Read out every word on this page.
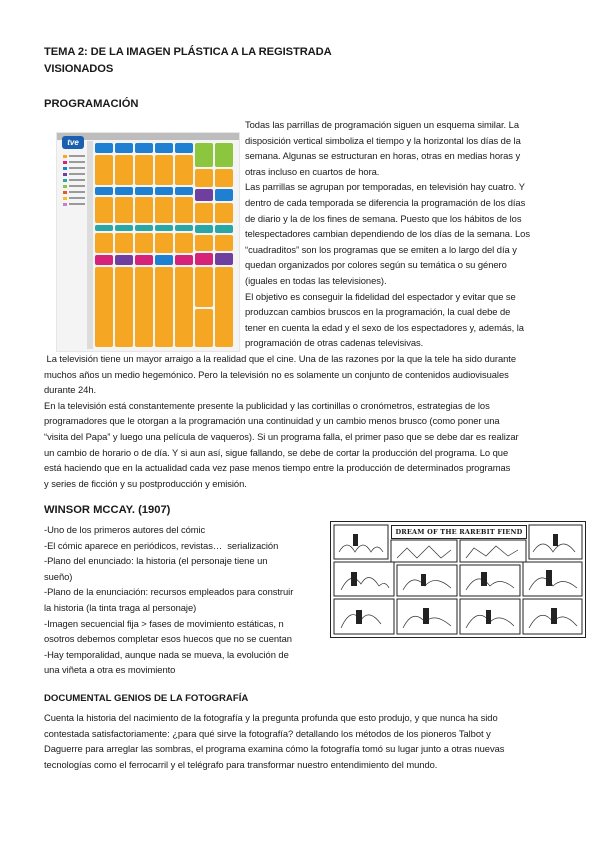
TEMA 2: DE LA IMAGEN PLÁSTICA A LA REGISTRADA
VISIONADOS
PROGRAMACIÓN
tve
Todas las parrillas de programación siguen un esquema similar. La
disposición vertical simboliza el tiempo y la horizontal los días de la
semana. Algunas se estructuran en horas, otras en medias horas y
otras incluso en cuartos de hora.
Las parrillas se agrupan por temporadas, en televisión hay cuatro. Y
dentro de cada temporada se diferencia la programación de los días
de diario y la de los fines de semana. Puesto que los hábitos de los
telespectadores cambian dependiendo de los días de la semana. Los
“cuadraditos” son los programas que se emiten a lo largo del día y
quedan organizados por colores según su temática o su género
(iguales en todas las televisiones).
El objetivo es conseguir la fidelidad del espectador y evitar que se
produzcan cambios bruscos en la programación, la cual debe de
tener en cuenta la edad y el sexo de los espectadores y, además, la
programación de otras cadenas televisivas.
La televisión tiene un mayor arraigo a la realidad que el cine. Una de las razones por la que la tele ha sido durante
muchos años un medio hegemónico. Pero la televisión no es solamente un conjunto de contenidos audiovisuales
durante 24h.
En la televisión está constantemente presente la publicidad y las cortinillas o cronómetros, estrategias de los
programadores que le otorgan a la programación una continuidad y un cambio menos brusco (como poner una
“visita del Papa” y luego una película de vaqueros). Si un programa falla, el primer paso que se debe dar es realizar
un cambio de horario o de día. Y si aun así, sigue fallando, se debe de cortar la producción del programa. Lo que
está haciendo que en la actualidad cada vez pase menos tiempo entre la producción de determinados programas
y series de ficción y su postproducción y emisión.
WINSOR MCCAY. (1907)
-Uno de los primeros autores del cómic
-El cómic aparece en periódicos, revistas…  serialización
-Plano del enunciado: la historia (el personaje tiene un
sueño)
-Plano de la enunciación: recursos empleados para construir
la historia (la tinta traga al personaje)
-Imagen secuencial fija > fases de movimiento estáticas, n
osotros debemos completar esos huecos que no se cuentan
-Hay temporalidad, aunque nada se mueva, la evolución de
una viñeta a otra es movimiento
DREAM OF THE RAREBIT FIEND
DOCUMENTAL GENIOS DE LA FOTOGRAFÍA
Cuenta la historia del nacimiento de la fotografía y la pregunta profunda que esto produjo, y que nunca ha sido
contestada satisfactoriamente: ¿para qué sirve la fotografía? detallando los métodos de los pioneros Talbot y
Daguerre para arreglar las sombras, el programa examina cómo la fotografía tomó su lugar junto a otras nuevas
tecnologías como el ferrocarril y el telégrafo para transformar nuestro entendimiento del mundo.
